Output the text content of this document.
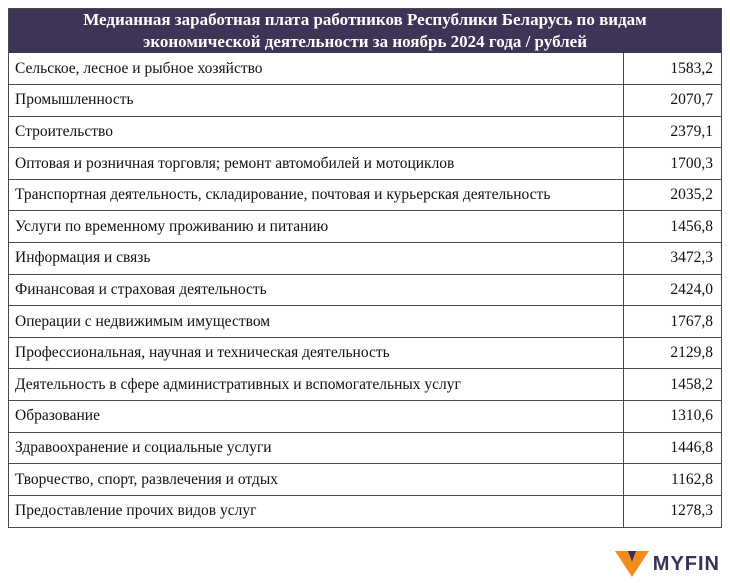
Медианная заработная плата работников Республики Беларусь по видам
экономической деятельности за ноябрь 2024 года / рублей
Сельское, лесное и рыбное хозяйство	1583,2
Промышленность	2070,7
Строительство	2379,1
Оптовая и розничная торговля; ремонт автомобилей и мотоциклов	1700,3
Транспортная деятельность, складирование, почтовая и курьерская деятельность	2035,2
Услуги по временному проживанию и питанию	1456,8
Информация и связь	3472,3
Финансовая и страховая деятельность	2424,0
Операции с недвижимым имуществом	1767,8
Профессиональная, научная и техническая деятельность	2129,8
Деятельность в сфере административных и вспомогательных услуг	1458,2
Образование	1310,6
Здравоохранение и социальные услуги	1446,8
Творчество, спорт, развлечения и отдых	1162,8
Предоставление прочих видов услуг	1278,3
MYFIN
